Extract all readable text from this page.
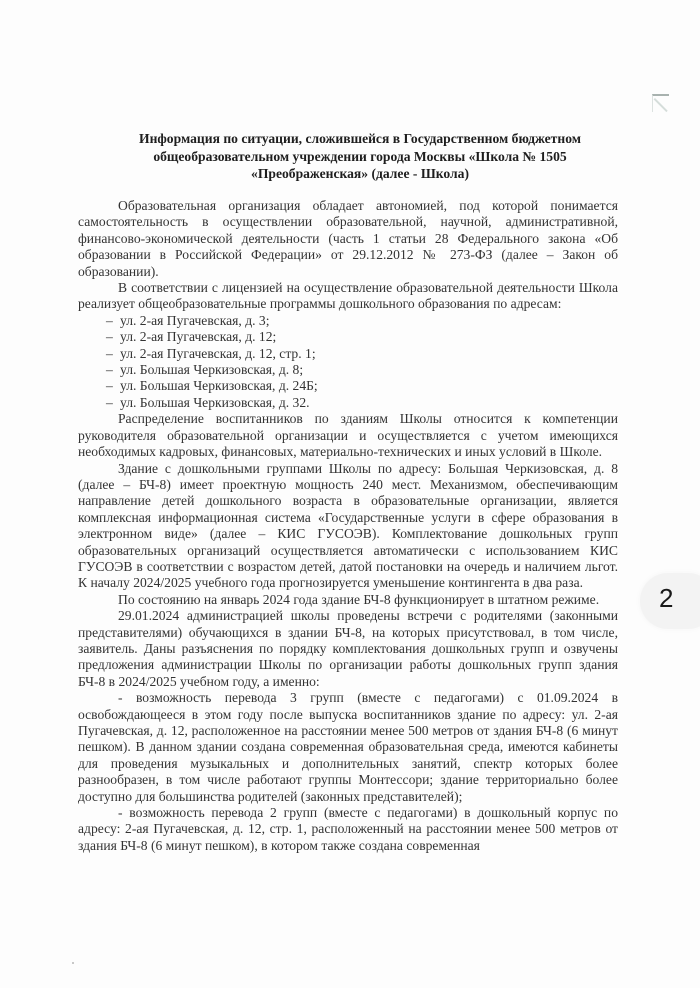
Информация по ситуации, сложившейся в Государственном бюджетном общеобразовательном учреждении города Москвы «Школа № 1505 «Преображенская» (далее - Школа)

Образовательная организация обладает автономией, под которой понимается самостоятельность в осуществлении образовательной, научной, административной, финансово-экономической деятельности (часть 1 статьи 28 Федерального закона «Об образовании в Российской Федерации» от 29.12.2012 № 273-ФЗ (далее – Закон об образовании).

В соответствии с лицензией на осуществление образовательной деятельности Школа реализует общеобразовательные программы дошкольного образования по адресам:

– ул. 2-ая Пугачевская, д. 3;
– ул. 2-ая Пугачевская, д. 12;
– ул. 2-ая Пугачевская, д. 12, стр. 1;
– ул. Большая Черкизовская, д. 8;
– ул. Большая Черкизовская, д. 24Б;
– ул. Большая Черкизовская, д. 32.

Распределение воспитанников по зданиям Школы относится к компетенции руководителя образовательной организации и осуществляется с учетом имеющихся необходимых кадровых, финансовых, материально-технических и иных условий в Школе.

Здание с дошкольными группами Школы по адресу: Большая Черкизовская, д. 8 (далее – БЧ-8) имеет проектную мощность 240 мест. Механизмом, обеспечивающим направление детей дошкольного возраста в образовательные организации, является комплексная информационная система «Государственные услуги в сфере образования в электронном виде» (далее – КИС ГУСОЭВ). Комплектование дошкольных групп образовательных организаций осуществляется автоматически с использованием КИС ГУСОЭВ в соответствии с возрастом детей, датой постановки на очередь и наличием льгот. К началу 2024/2025 учебного года прогнозируется уменьшение контингента в два раза.

По состоянию на январь 2024 года здание БЧ-8 функционирует в штатном режиме.

29.01.2024 администрацией школы проведены встречи с родителями (законными представителями) обучающихся в здании БЧ-8, на которых присутствовал, в том числе, заявитель. Даны разъяснения по порядку комплектования дошкольных групп и озвучены предложения администрации Школы по организации работы дошкольных групп здания БЧ-8 в 2024/2025 учебном году, а именно:

- возможность перевода 3 групп (вместе с педагогами) с 01.09.2024 в освобождающееся в этом году после выпуска воспитанников здание по адресу: ул. 2-ая Пугачевская, д. 12, расположенное на расстоянии менее 500 метров от здания БЧ-8 (6 минут пешком). В данном здании создана современная образовательная среда, имеются кабинеты для проведения музыкальных и дополнительных занятий, спектр которых более разнообразен, в том числе работают группы Монтессори; здание территориально более доступно для большинства родителей (законных представителей);

- возможность перевода 2 групп (вместе с педагогами) в дошкольный корпус по адресу: 2-ая Пугачевская, д. 12, стр. 1, расположенный на расстоянии менее 500 метров от здания БЧ-8 (6 минут пешком), в котором также создана современная

2
